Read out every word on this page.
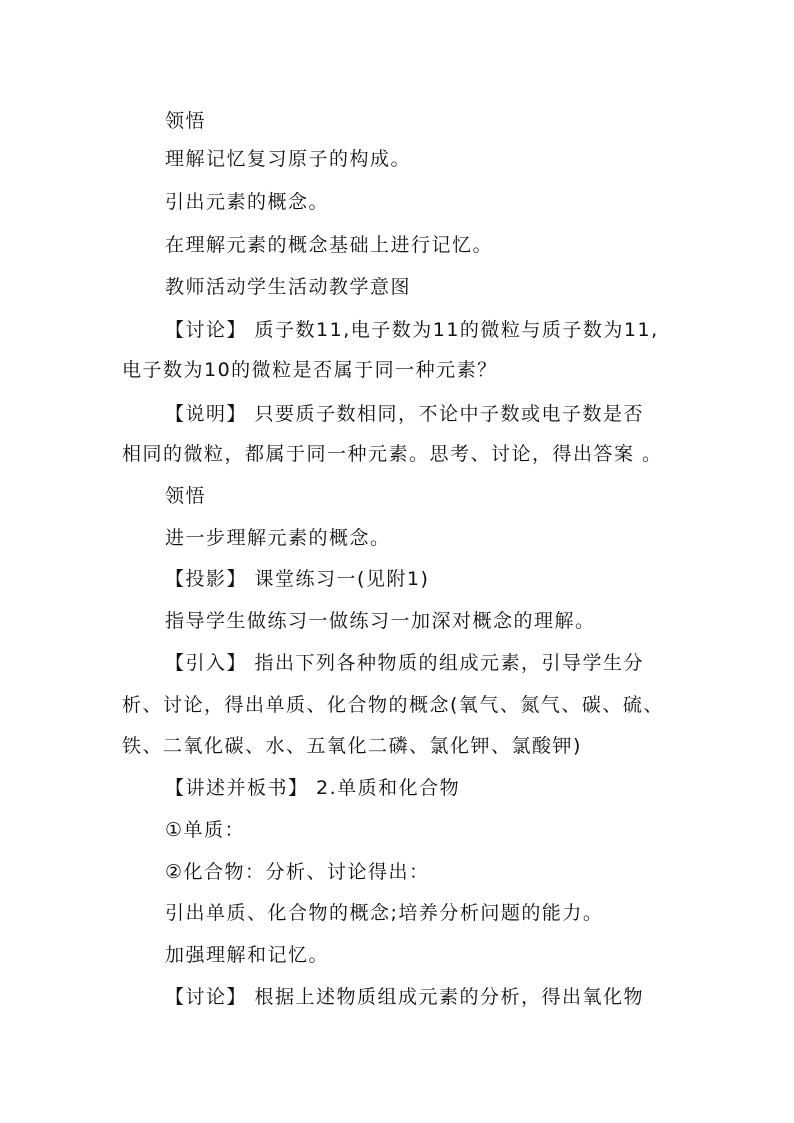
领悟
理解记忆复习原子的构成。
引出元素的概念。
在理解元素的概念基础上进行记忆。
教师活动学生活动教学意图
【讨论】 质子数11,电子数为11的微粒与质子数为11,
电子数为10的微粒是否属于同一种元素？
【说明】 只要质子数相同，不论中子数或电子数是否
相同的微粒，都属于同一种元素。思考、讨论，得出答案 。
领悟
进一步理解元素的概念。
【投影】 课堂练习一(见附1)
指导学生做练习一做练习一加深对概念的理解。
【引入】 指出下列各种物质的组成元素，引导学生分
析、讨论，得出单质、化合物的概念(氧气、氮气、碳、硫、
铁、二氧化碳、水、五氧化二磷、氯化钾、氯酸钾)
【讲述并板书】 2.单质和化合物
①单质：
②化合物：分析、讨论得出：
引出单质、化合物的概念;培养分析问题的能力。
加强理解和记忆。
【讨论】 根据上述物质组成元素的分析，得出氧化物
